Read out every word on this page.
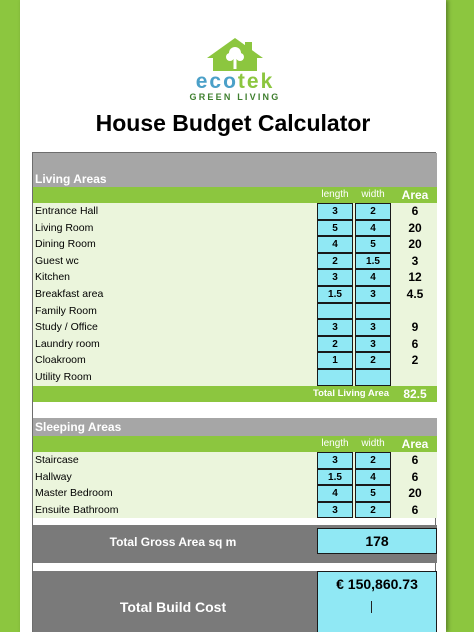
ecotek
GREEN LIVING
House Budget Calculator
Living Areas
length	width	Area
Entrance Hall	3	2	6
Living Room	5	4	20
Dining Room	4	5	20
Guest wc	2	1.5	3
Kitchen	3	4	12
Breakfast area	1.5	3	4.5
Family Room
Study / Office	3	3	9
Laundry room	2	3	6
Cloakroom	1	2	2
Utility Room
Total Living Area	82.5
Sleeping Areas
length	width	Area
Staircase	3	2	6
Hallway	1.5	4	6
Master Bedroom	4	5	20
Ensuite Bathroom	3	2	6
Total Gross Area sq m	178
Total Build Cost
€ 150,860.73
